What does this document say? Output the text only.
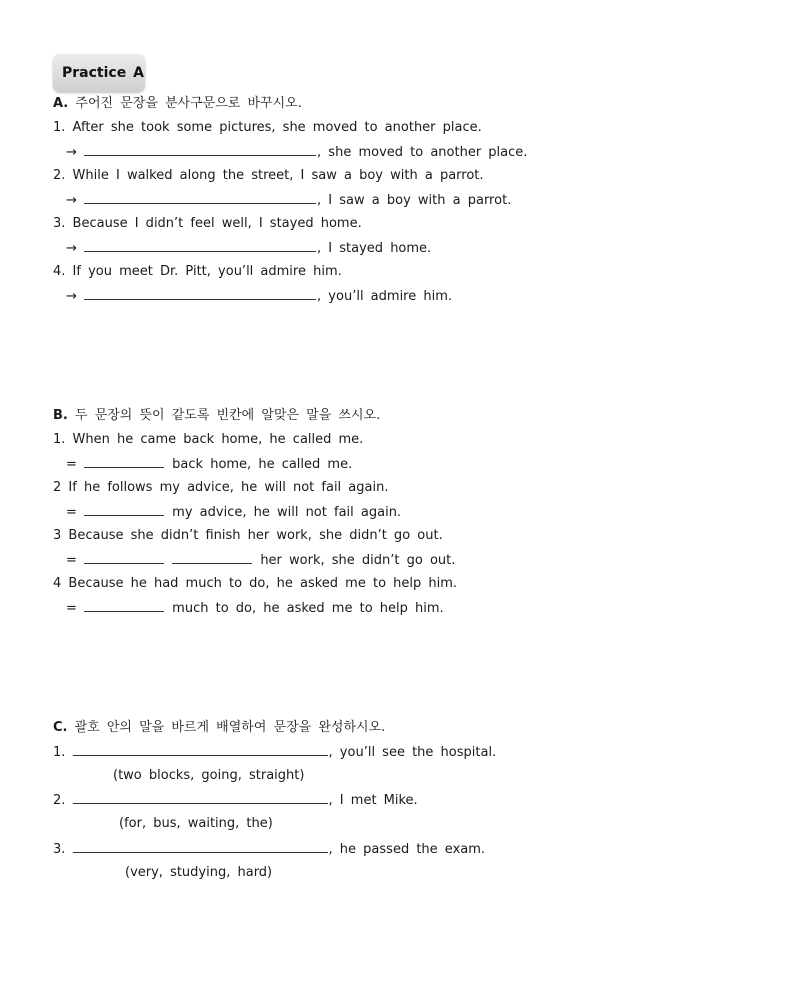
Practice A
A. 주어진 문장을 분사구문으로 바꾸시오.
1. After she took some pictures, she moved to another place.
→	, she moved to another place.
2. While I walked along the street, I saw a boy with a parrot.
→	, I saw a boy with a parrot.
3. Because I didn’t feel well, I stayed home.
→	, I stayed home.
4. If you meet Dr. Pitt, you’ll admire him.
→	, you’ll admire him.
B. 두 문장의 뜻이 같도록 빈칸에 알맞은 말을 쓰시오.
1. When he came back home, he called me.
=	back home, he called me.
2 If he follows my advice, he will not fail again.
=	my advice, he will not fail again.
3 Because she didn’t finish her work, she didn’t go out.
=	her work, she didn’t go out.
4 Because he had much to do, he asked me to help him.
=	much to do, he asked me to help him.
C. 괄호 안의 말을 바르게 배열하여 문장을 완성하시오.
1.	, you’ll see the hospital.
(two blocks, going, straight)
2.	, I met Mike.
(for, bus, waiting, the)
3.	, he passed the exam.
(very, studying, hard)
